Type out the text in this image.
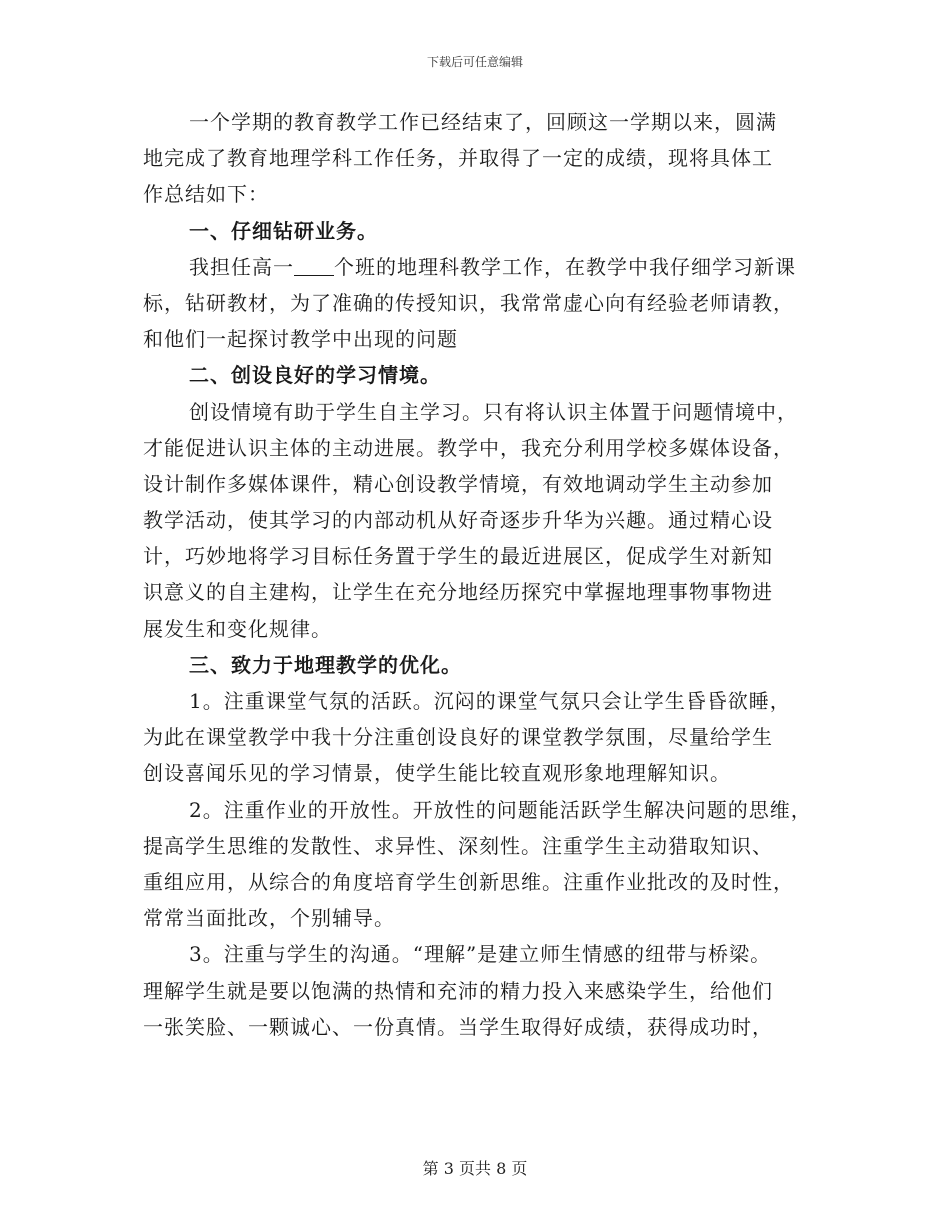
下载后可任意编辑
一个学期的教育教学工作已经结束了，回顾这一学期以来，圆满
地完成了教育地理学科工作任务，并取得了一定的成绩，现将具体工
作总结如下：
一、仔细钻研业务。
我担任高一 个班的地理科教学工作，在教学中我仔细学习新课
标，钻研教材，为了准确的传授知识，我常常虚心向有经验老师请教，
和他们一起探讨教学中出现的问题
二、创设良好的学习情境。
创设情境有助于学生自主学习。只有将认识主体置于问题情境中，
才能促进认识主体的主动进展。教学中，我充分利用学校多媒体设备，
设计制作多媒体课件，精心创设教学情境，有效地调动学生主动参加
教学活动，使其学习的内部动机从好奇逐步升华为兴趣。通过精心设
计，巧妙地将学习目标任务置于学生的最近进展区，促成学生对新知
识意义的自主建构，让学生在充分地经历探究中掌握地理事物事物进
展发生和变化规律。
三、致力于地理教学的优化。
1。注重课堂气氛的活跃。沉闷的课堂气氛只会让学生昏昏欲睡，
为此在课堂教学中我十分注重创设良好的课堂教学氛围，尽量给学生
创设喜闻乐见的学习情景，使学生能比较直观形象地理解知识。
2。注重作业的开放性。开放性的问题能活跃学生解决问题的思维，
提高学生思维的发散性、求异性、深刻性。注重学生主动猎取知识、
重组应用，从综合的角度培育学生创新思维。注重作业批改的及时性，
常常当面批改，个别辅导。
3。注重与学生的沟通。“理解”是建立师生情感的纽带与桥梁。
理解学生就是要以饱满的热情和充沛的精力投入来感染学生，给他们
一张笑脸、一颗诚心、一份真情。当学生取得好成绩，获得成功时，
第 3 页共 8 页
